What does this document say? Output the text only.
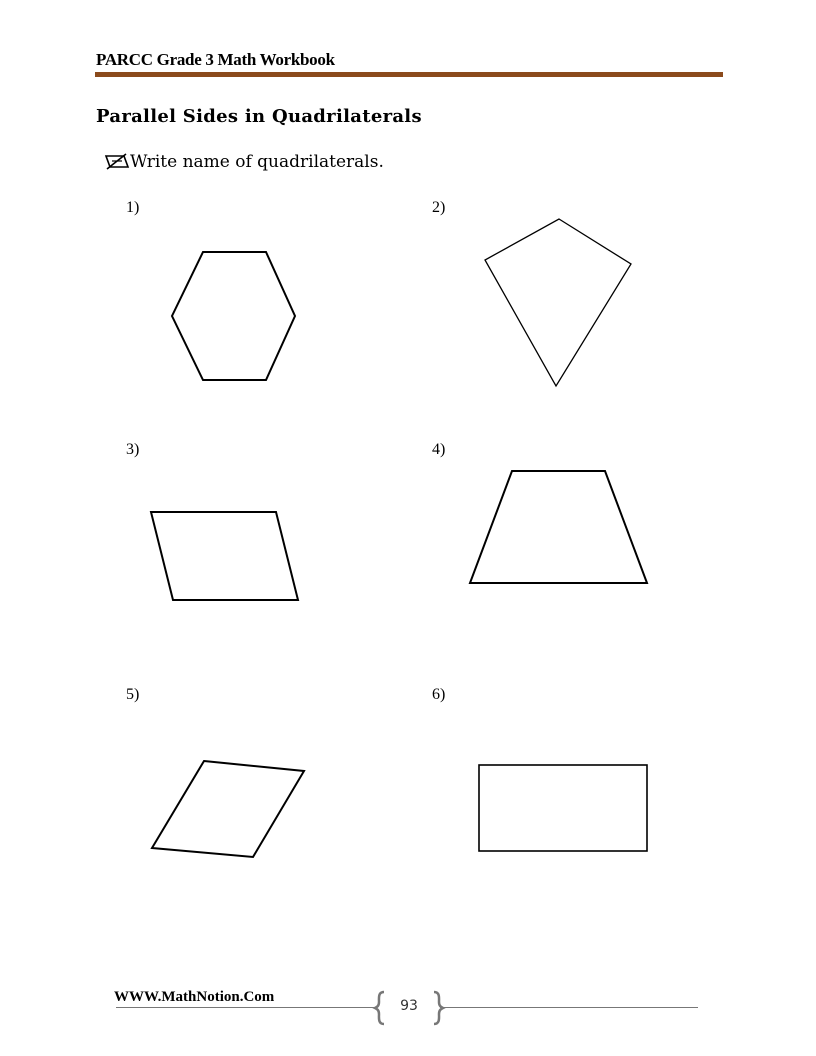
PARCC Grade 3 Math Workbook
Parallel Sides in Quadrilaterals
Write name of quadrilaterals.
1)	2)
3)	4)
5)	6)
WWW.MathNotion.Com
93
